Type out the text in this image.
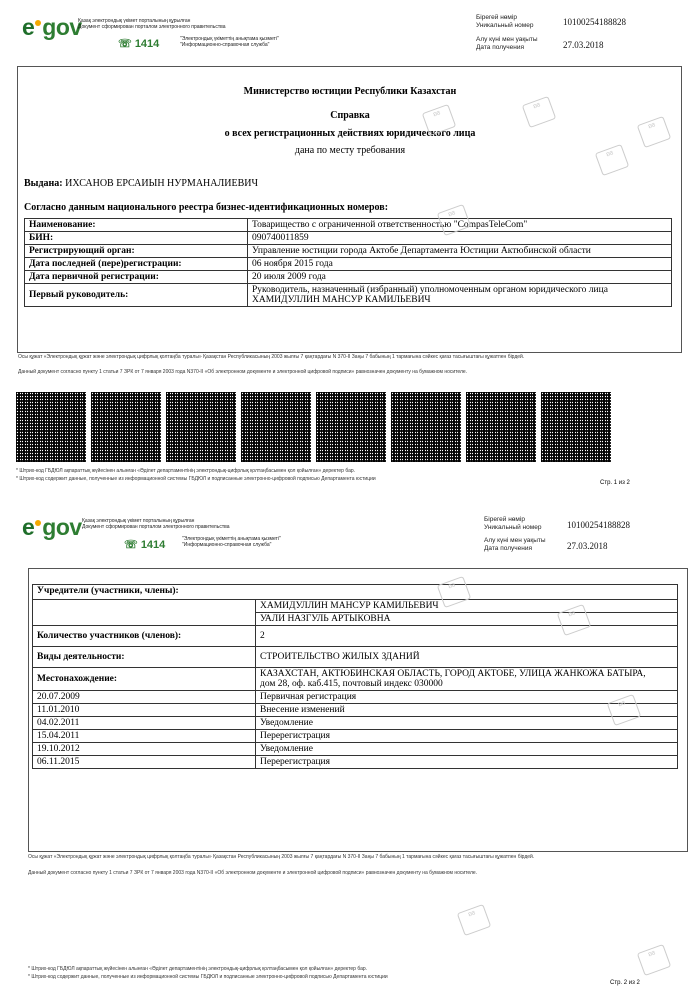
e gov
Қазақ электрондық үкімет порталының құрылған
Документ сформирован порталом электронного правительства
☏ 1414	"Электрондық үкіметтің анықтама қызметі"
"Информационно-справочная служба"
Бірегей нөмір
Уникальный номер	10100254188828
Алу күні мен уақыты
Дата получения	27.03.2018
Министерство юстиции Республики Казахстан
Справка
о всех регистрационных действиях юридического лица
дана по месту требования
Выдана: ИХСАНОВ ЕРСАИЫН НУРМАНАЛИЕВИЧ
Согласно данным национального реестра бизнес-идентификационных номеров:
Наименование:	Товарищество с ограниченной ответственностью "CompasTeleCom"
БИН:	090740011859
Регистрирующий орган:	Управление юстиции города Актобе Департамента Юстиции Актюбинской области
Дата последней (пере)регистрации:	06 ноября 2015 года
Дата первичной регистрации:	20 июля 2009 года
Первый руководитель:	Руководитель, назначенный (избранный) уполномоченным органом юридического лица
ХАМИДУЛЛИН МАНСУР КАМИЛЬЕВИЧ
Осы құжат «Электрондық құжат және электрондық цифрлық қолтаңба туралы» Қазақстан Республикасының 2003 жылғы 7 қаңтардағы N 370-II Заңы 7 бабының 1 тармағына сәйкес қағаз тасығыштағы құжатпен бірдей.
Данный документ согласно пункту 1 статьи 7 ЗРК от 7 января 2003 года N370-II «Об электронном документе и электронной цифровой подписи» равнозначен документу на бумажном носителе.
* Штрих-код ГБДЮЛ ақпараттық жүйесінен алынған «Әділет департаментінің электрондық-цифрлық қолтаңбасымен қол қойылған» деректер бар.
* Штрих-код содержит данные, полученные из информационной системы ГБДЮЛ и подписанные электронно-цифровой подписью Департамента юстиции
Стр. 1 из 2
ʚɞ
ʚɞ
ʚɞ
ʚɞ
ʚɞ
e gov Қазақ электрондық үкімет порталының құрылған
Документ сформирован порталом электронного правительства
☏ 1414	"Электрондық үкіметтің анықтама қызметі"
"Информационно-справочная служба"
Бірегей нөмір
Уникальный номер	10100254188828
Алу күні мен уақыты
Дата получения	27.03.2018
Учредители (участники, члены):	
	ХАМИДУЛЛИН МАНСУР КАМИЛЬЕВИЧ
	УАЛИ НАЗГУЛЬ АРТЫКОВНА
Количество участников (членов):	2
Виды деятельности:	СТРОИТЕЛЬСТВО ЖИЛЫХ ЗДАНИЙ
Местонахождение:	КАЗАХСТАН, АКТЮБИНСКАЯ ОБЛАСТЬ, ГОРОД АКТОБЕ, УЛИЦА ЖАНКОЖА БАТЫРА,
дом 28, оф. каб.415, почтовый индекс 030000

20.07.2009	Первичная регистрация
11.01.2010	Внесение изменений
04.02.2011	Уведомление
15.04.2011	Перерегистрация
19.10.2012	Уведомление
06.11.2015	Перерегистрация
Осы құжат «Электрондық құжат және электрондық цифрлық қолтаңба туралы» Қазақстан Республикасының 2003 жылғы 7 қаңтардағы N 370-II Заңы 7 бабының 1 тармағына сәйкес қағаз тасығыштағы құжатпен бірдей.
Данный документ согласно пункту 1 статьи 7 ЗРК от 7 января 2003 года N370-II «Об электронном документе и электронной цифровой подписи» равнозначен документу на бумажном носителе.
* Штрих-код ГБДЮЛ ақпараттық жүйесінен алынған «Әділет департаментінің электрондық-цифрлық қолтаңбасымен қол қойылған» деректер бар.
* Штрих-код содержит данные, полученные из информационной системы ГБДЮЛ и подписанные электронно-цифровой подписью Департамента юстиции
Стр. 2 из 2
ʚɞ
ʚɞ
ʚɞ
ʚɞ
ʚɞ
